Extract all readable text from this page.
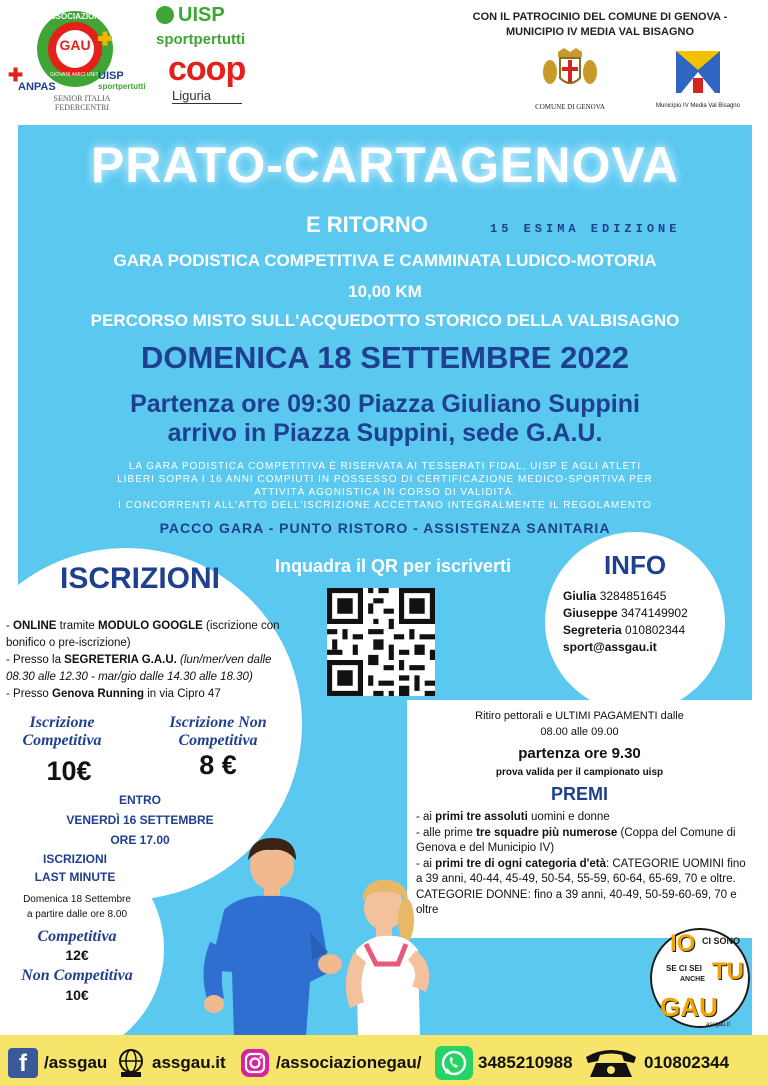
ASSOCIAZIONE
GAU
GENOVA
GIOVANI AMICI UNITI
✚
ANPAS
UISP
sportpertutti
SENIOR ITALIA
FEDERCENTRI
UISP
sportpertutti
coop
Liguria
CON IL PATROCINIO DEL COMUNE DI GENOVA -
MUNICIPIO IV MEDIA VAL BISAGNO
COMUNE DI GENOVA	Municipio IV Media Val Bisagno
PRATO-CARTAGENOVA
E RITORNO	15 ESIMA EDIZIONE
GARA PODISTICA COMPETITIVA E CAMMINATA LUDICO-MOTORIA
10,00 KM
PERCORSO MISTO SULL'ACQUEDOTTO STORICO DELLA VALBISAGNO
DOMENICA 18 SETTEMBRE 2022
Partenza ore 09:30 Piazza Giuliano Suppini
arrivo in Piazza Suppini, sede G.A.U.
LA GARA PODISTICA COMPETITIVA È RISERVATA AI TESSERATI FIDAL, UISP E AGLI ATLETI
LIBERI SOPRA I 16 ANNI COMPIUTI IN POSSESSO DI CERTIFICAZIONE MEDICO-SPORTIVA PER
ATTIVITÀ AGONISTICA IN CORSO DI VALIDITÀ.
I CONCORRENTI ALL'ATTO DELL'ISCRIZIONE ACCETTANO INTEGRALMENTE IL REGOLAMENTO
PACCO GARA - PUNTO RISTORO - ASSISTENZA SANITARIA
ISCRIZIONI
- ONLINE tramite MODULO GOOGLE (iscrizione con bonifico o pre-iscrizione)
- Presso la SEGRETERIA G.A.U. (lun/mer/ven dalle 08.30 alle 12.30 - mar/gio dalle 14.30 alle 18.30)
- Presso Genova Running in via Cipro 47
Iscrizione Competitiva
10€
Iscrizione Non Competitiva
8 €
ENTRO
VENERDÌ 16 SETTEMBRE
ORE 17.00
ISCRIZIONI
LAST MINUTE
Domenica 18 Settembre
a partire dalle ore 8.00
Competitiva
12€
Non Competitiva
10€
Inquadra il QR per iscriverti	INFO
Giulia 3284851645
Giuseppe 3474149902
Segreteria 010802344
sport@assgau.it
Ritiro pettorali e ULTIMI PAGAMENTI dalle
08.00 alle 09.00
partenza ore 9.30
prova valida per il campionato uisp
PREMI
- ai primi tre assoluti uomini e donne
- alle prime tre squadre più numerose (Coppa del Comune di Genova e del Municipio IV)
- ai primi tre di ogni categoria d'età: CATEGORIE UOMINI fino a 39 anni, 40-44, 45-49, 50-54, 55-59, 60-64, 65-69, 70 e oltre.
CATEGORIE DONNE: fino a 39 anni, 40-49, 50-59-60-69, 70 e oltre
IO CI SONO
SE CI SEI
ANCHE TU
GAU
assgau.it
f	/assgau	assgau.it	/associazionegau/	3485210988	010802344
